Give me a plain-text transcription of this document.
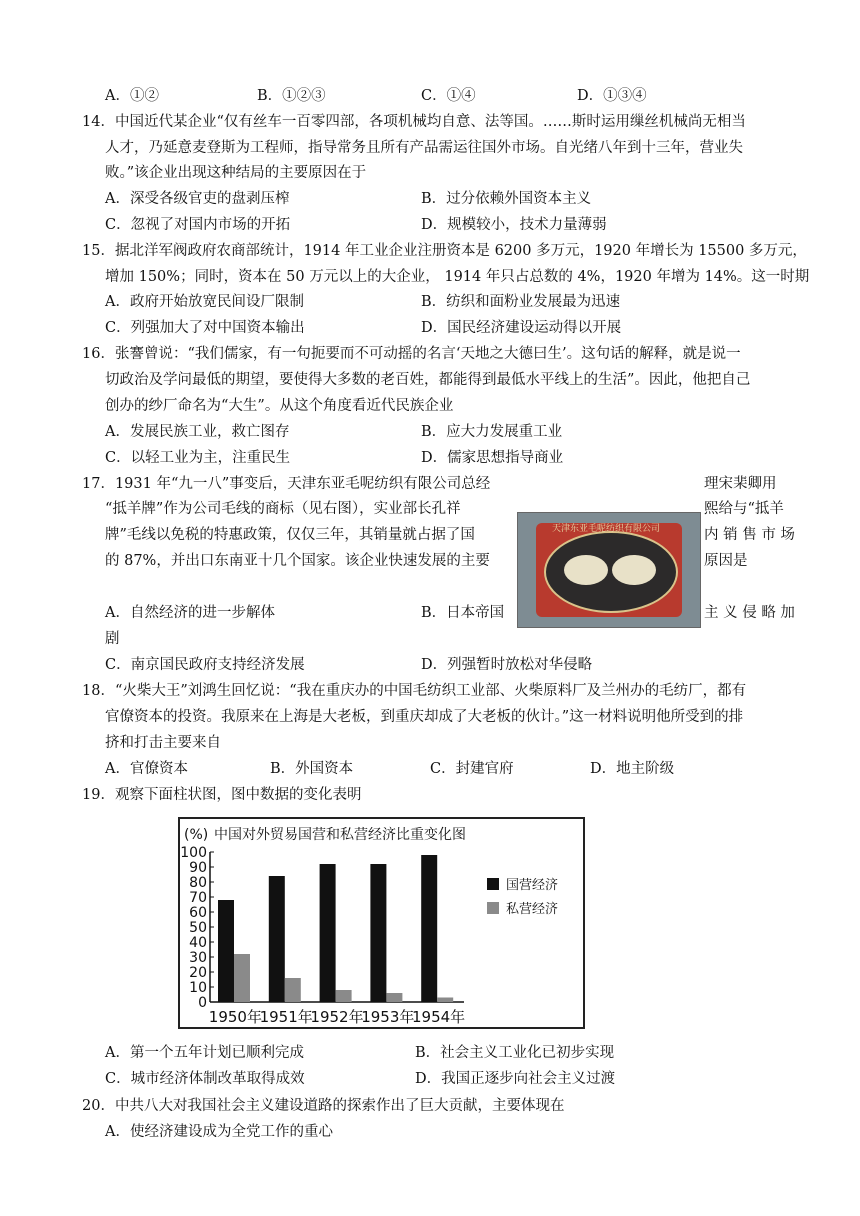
A．①②	B．①②③	C．①④	D．①③④
14．中国近代某企业“仅有丝车一百零四部，各项机械均自意、法等国。……斯时运用缫丝机械尚无相当
人才，乃延意麦登斯为工程师，指导常务且所有产品需运往国外市场。自光绪八年到十三年，营业失
败。”该企业出现这种结局的主要原因在于
A．深受各级官吏的盘剥压榨	B．过分依赖外国资本主义
C．忽视了对国内市场的开拓	D．规模较小，技术力量薄弱
15．据北洋军阀政府农商部统计，1914 年工业企业注册资本是 6200 多万元，1920 年增长为 15500 多万元，
增加 150%；同时，资本在 50 万元以上的大企业， 1914 年只占总数的 4%，1920 年增为 14%。这一时期
A．政府开始放宽民间设厂限制	B．纺织和面粉业发展最为迅速
C．列强加大了对中国资本输出	D．国民经济建设运动得以开展
16．张謇曾说：“我们儒家，有一句扼要而不可动摇的名言‘天地之大德曰生’。这句话的解释，就是说一
切政治及学问最低的期望，要使得大多数的老百姓，都能得到最低水平线上的生活”。因此，他把自己
创办的纱厂命名为“大生”。从这个角度看近代民族企业
A．发展民族工业，救亡图存	B．应大力发展重工业
C．以轻工业为主，注重民生	D．儒家思想指导商业
17．1931 年“九一八”事变后，天津东亚毛呢纺织有限公司总经
“抵羊牌”作为公司毛线的商标（见右图），实业部长孔祥
牌”毛线以免税的特惠政策，仅仅三年，其销量就占据了国
的 87%，并出口东南亚十几个国家。该企业快速发展的主要
理宋棐卿用
熙给与“抵羊
内 销 售 市 场
原因是
天津东亚毛呢纺织有限公司
A．自然经济的进一步解体	B．日本帝国	主 义 侵 略 加
剧
C．南京国民政府支持经济发展	D．列强暂时放松对华侵略
18．“火柴大王”刘鸿生回忆说：“我在重庆办的中国毛纺织工业部、火柴原料厂及兰州办的毛纺厂，都有
官僚资本的投资。我原来在上海是大老板，到重庆却成了大老板的伙计。”这一材料说明他所受到的排
挤和打击主要来自
A．官僚资本	B．外国资本	C．封建官府	D．地主阶级
19．观察下面柱状图，图中数据的变化表明
(%) 中国对外贸易国营和私营经济比重变化图
0
10
20
30
40
50
60
70
80
90
100
1950年
1951年
1952年
1953年
1954年
国营经济
私营经济
A．第一个五年计划已顺利完成	B．社会主义工业化已初步实现
C．城市经济体制改革取得成效	D．我国正逐步向社会主义过渡
20．中共八大对我国社会主义建设道路的探索作出了巨大贡献，主要体现在
A．使经济建设成为全党工作的重心
